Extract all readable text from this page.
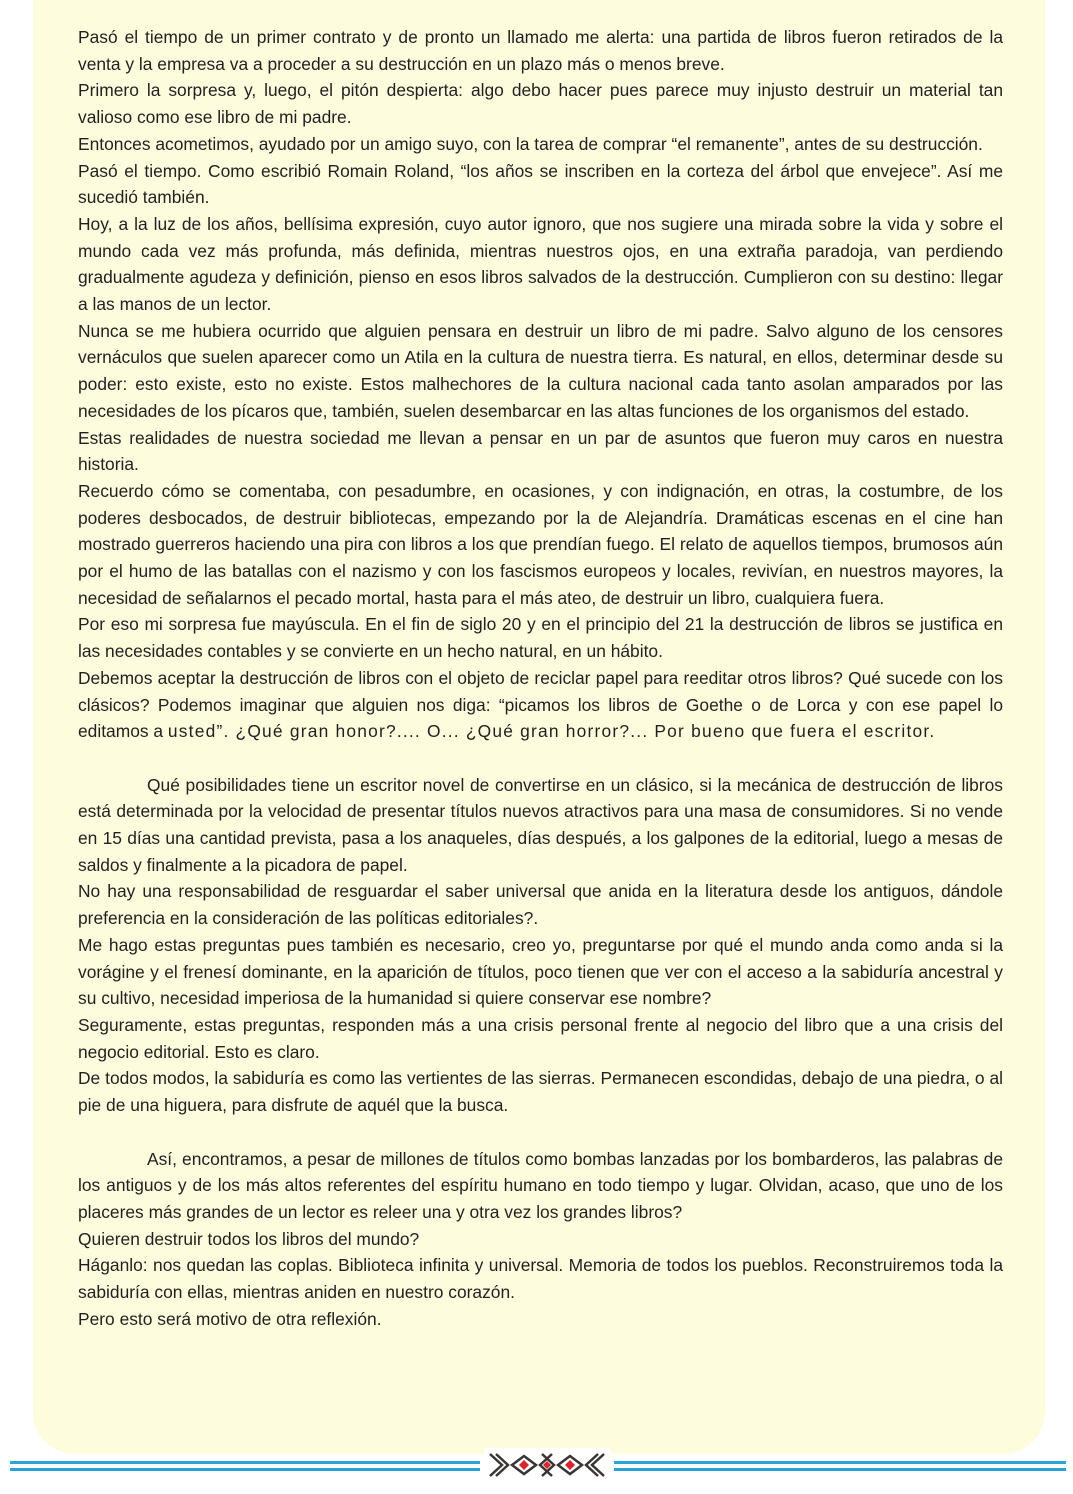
Pasó el tiempo de un primer contrato y de pronto un llamado me alerta: una partida de libros fueron retirados de la venta y la empresa va a proceder a su destrucción en un plazo más o menos breve.

Primero la sorpresa y, luego, el pitón despierta: algo debo hacer pues parece muy injusto destruir un material tan valioso como ese libro de mi padre.

Entonces acometimos, ayudado por un amigo suyo, con la tarea de comprar “el remanente”, antes de su destrucción.

Pasó el tiempo. Como escribió Romain Roland, “los años se inscriben en la corteza del árbol que envejece”. Así me sucedió también.

Hoy, a la luz de los años, bellísima expresión, cuyo autor ignoro, que nos sugiere una mirada sobre la vida y sobre el mundo cada vez más profunda, más definida, mientras nuestros ojos, en una extraña paradoja, van perdiendo gradualmente agudeza y definición, pienso en esos libros salvados de la destrucción. Cumplieron con su destino: llegar a las manos de un lector.

Nunca se me hubiera ocurrido que alguien pensara en destruir un libro de mi padre. Salvo alguno de los censores vernáculos que suelen aparecer como un Atila en la cultura de nuestra tierra. Es natural, en ellos, determinar desde su poder: esto existe, esto no existe. Estos malhechores de la cultura nacional cada tanto asolan amparados por las necesidades de los pícaros que, también, suelen desembarcar en las altas funciones de los organismos del estado.

Estas realidades de nuestra sociedad me llevan a pensar en un par de asuntos que fueron muy caros en nuestra historia.

Recuerdo cómo se comentaba, con pesadumbre, en ocasiones, y con indignación, en otras, la costumbre, de los poderes desbocados, de destruir bibliotecas, empezando por la de Alejandría. Dramáticas escenas en el cine han mostrado guerreros haciendo una pira con libros a los que prendían fuego. El relato de aquellos tiempos, brumosos aún por el humo de las batallas con el nazismo y con los fascismos europeos y locales, revivían, en nuestros mayores, la necesidad de señalarnos el pecado mortal, hasta para el más ateo, de destruir un libro, cualquiera fuera.

Por eso mi sorpresa fue mayúscula. En el fin de siglo 20 y en el principio del 21 la destrucción de libros se justifica en las necesidades contables y se convierte en un hecho natural, en un hábito.

Debemos aceptar la destrucción de libros con el objeto de reciclar papel para reeditar otros libros? Qué sucede con los clásicos? Podemos imaginar que alguien nos diga: “picamos los libros de Goethe o de Lorca y con ese papel lo editamos a usted”. ¿Qué gran honor?.... O... ¿Qué gran horror?... Por bueno que fuera el escritor.

Qué posibilidades tiene un escritor novel de convertirse en un clásico, si la mecánica de destrucción de libros está determinada por la velocidad de presentar títulos nuevos atractivos para una masa de consumidores. Si no vende en 15 días una cantidad prevista, pasa a los anaqueles, días después, a los galpones de la editorial, luego a mesas de saldos y finalmente a la picadora de papel.

No hay una responsabilidad de resguardar el saber universal que anida en la literatura desde los antiguos, dándole preferencia en la consideración de las políticas editoriales?.

Me hago estas preguntas pues también es necesario, creo yo, preguntarse por qué el mundo anda como anda si la vorágine y el frenesí dominante, en la aparición de títulos, poco tienen que ver con el acceso a la sabiduría ancestral y su cultivo, necesidad imperiosa de la humanidad si quiere conservar ese nombre?

Seguramente, estas preguntas, responden más a una crisis personal frente al negocio del libro que a una crisis del negocio editorial. Esto es claro.

De todos modos, la sabiduría es como las vertientes de las sierras. Permanecen escondidas, debajo de una piedra, o al pie de una higuera, para disfrute de aquél que la busca.

Así, encontramos, a pesar de millones de títulos como bombas lanzadas por los bombarderos, las palabras de los antiguos y de los más altos referentes del espíritu humano en todo tiempo y lugar. Olvidan, acaso, que uno de los placeres más grandes de un lector es releer una y otra vez los grandes libros?

Quieren destruir todos los libros del mundo?

Háganlo: nos quedan las coplas. Biblioteca infinita y universal. Memoria de todos los pueblos. Reconstruiremos toda la sabiduría con ellas, mientras aniden en nuestro corazón.

Pero esto será motivo de otra reflexión.
